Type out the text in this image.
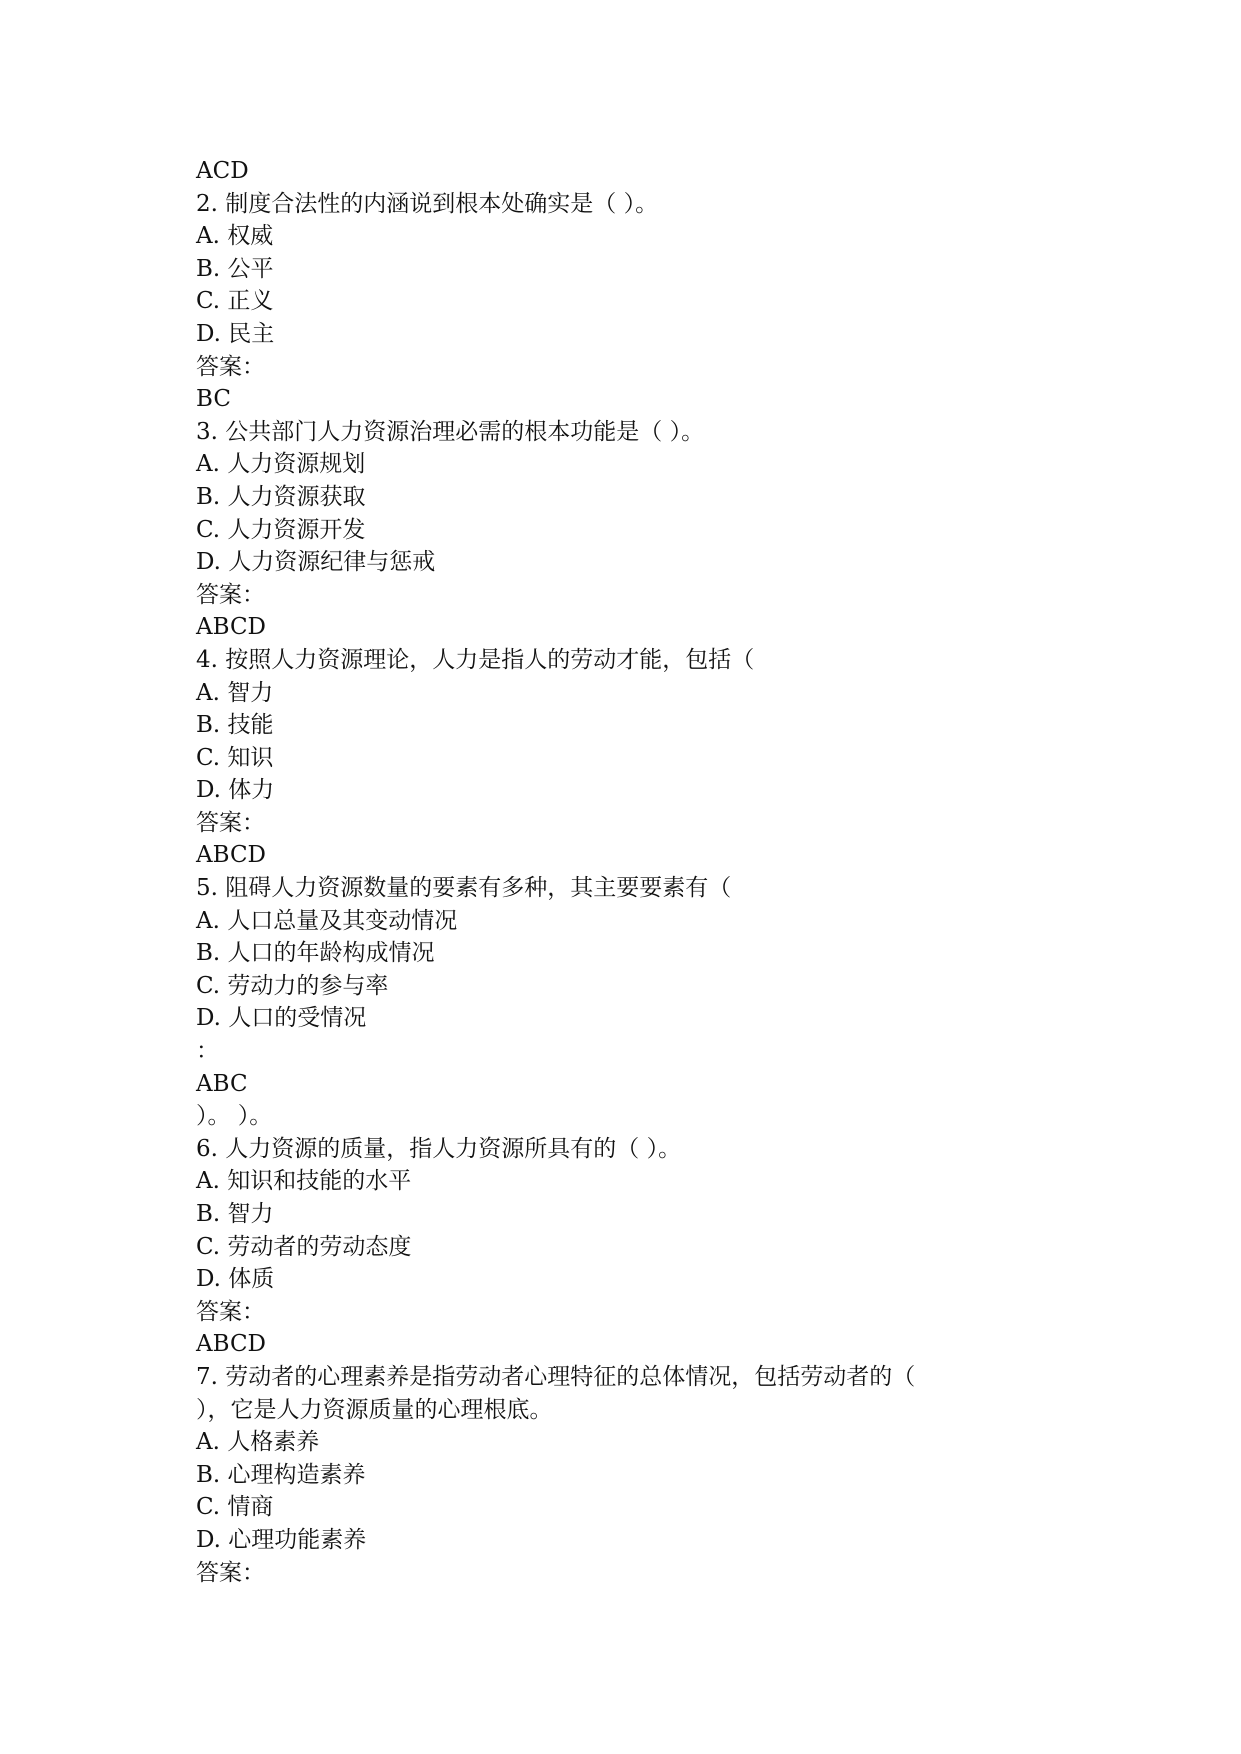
ACD
2. 制度合法性的内涵说到根本处确实是（ ）。
A. 权威
B. 公平
C. 正义
D. 民主
答案：
BC
3. 公共部门人力资源治理必需的根本功能是（ ）。
A. 人力资源规划
B. 人力资源获取
C. 人力资源开发
D. 人力资源纪律与惩戒
答案：
ABCD
4. 按照人力资源理论，人力是指人的劳动才能，包括（
A. 智力
B. 技能
C. 知识
D. 体力
答案：
ABCD
5. 阻碍人力资源数量的要素有多种，其主要要素有（
A. 人口总量及其变动情况
B. 人口的年龄构成情况
C. 劳动力的参与率
D. 人口的受情况
：
ABC
）。 ）。
6. 人力资源的质量，指人力资源所具有的（ ）。
A. 知识和技能的水平
B. 智力
C. 劳动者的劳动态度
D. 体质
答案：
ABCD
7. 劳动者的心理素养是指劳动者心理特征的总体情况，包括劳动者的（
），它是人力资源质量的心理根底。
A. 人格素养
B. 心理构造素养
C. 情商
D. 心理功能素养
答案：
